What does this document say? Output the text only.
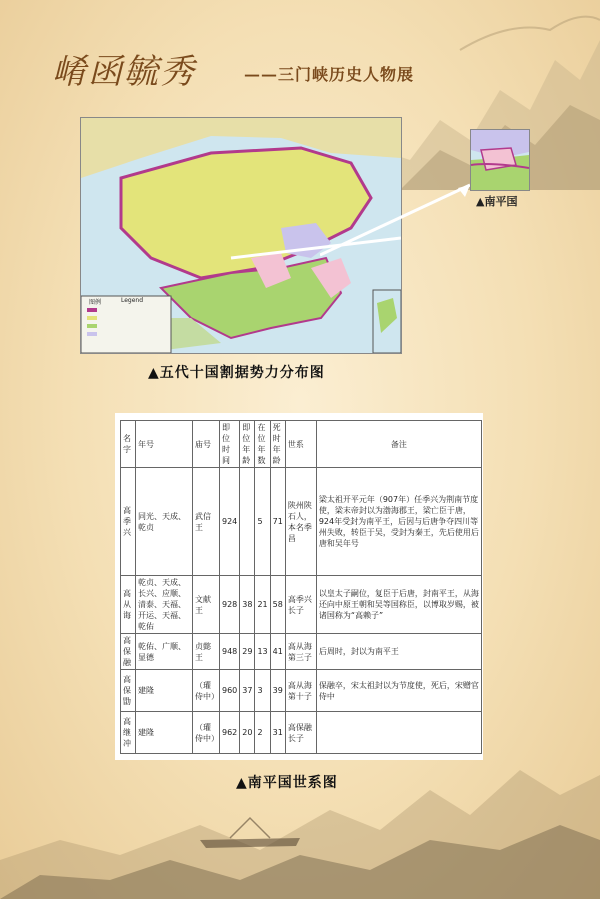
崤函毓秀	——三门峡历史人物展
图例	Legend
▲南平国
▲五代十国割据势力分布图
名字	年号	庙号	即位时间	即位年龄	在位年数	死时年龄	世系	备注
高季兴	同光、天成、乾贞	武信王	924		5	71	陕州陕石人，本名季昌	梁太祖开平元年（907年）任季兴为荆南节度使，梁末帝封以为渤海郡王，梁亡臣于唐，924年受封为南平王，后因与后唐争夺四川等州失败，转臣于吴，受封为秦王，先后使用后唐和吴年号
高从诲	乾贞、天成、长兴、应顺、清泰、天福、开运、天福、乾佑	文献王	928	38	21	58	高季兴长子	以皇太子嗣位，复臣于后唐，封南平王，从海还向中原王朝和吴等国称臣，以博取岁赐，被诸国称为“高赖子”
高保融	乾佑、广顺、显德	贞懿王	948	29	13	41	高从海第三子	后周时，封以为南平王
高保勖	建隆	（瓘侍中）	960	37	3	39	高从海第十子	保融卒，宋太祖封以为节度使，死后，宋赠官侍中
高继冲	建隆	（瓘侍中）	962	20	2	31	高保融长子	
▲南平国世系图
